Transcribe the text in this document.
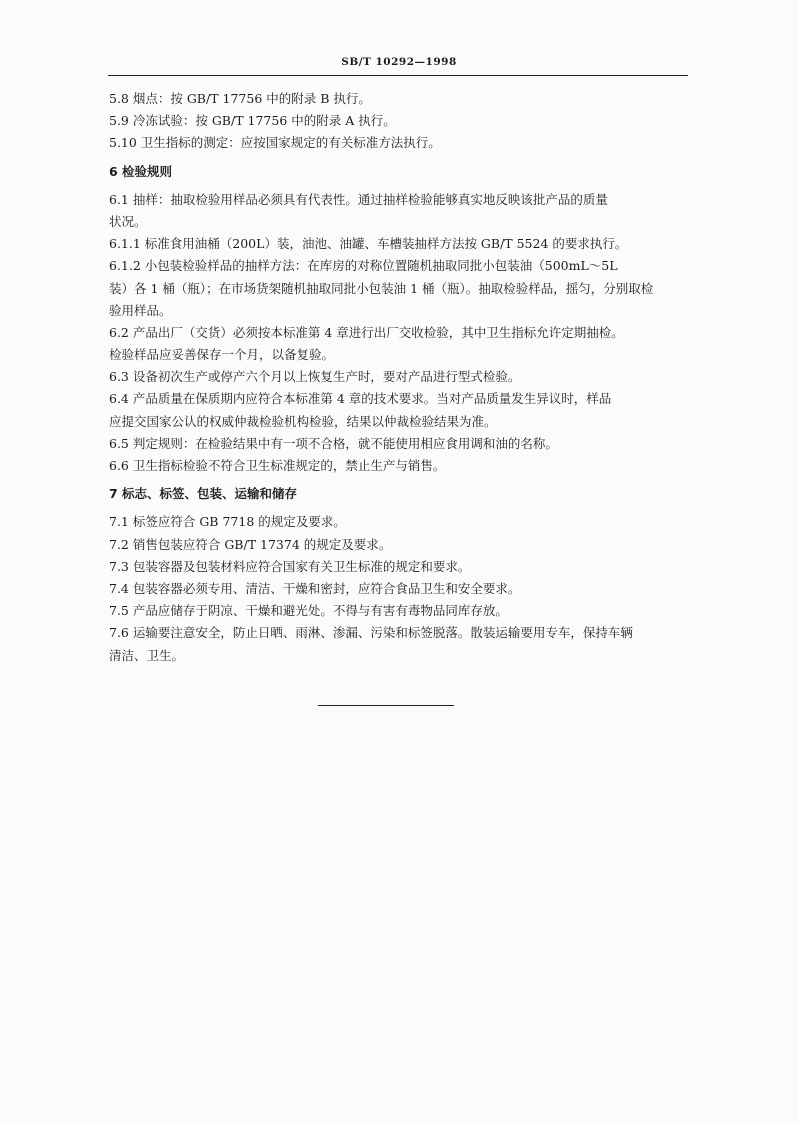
SB/T 10292—1998
5.8 烟点：按 GB/T 17756 中的附录 B 执行。
5.9 冷冻试验：按 GB/T 17756 中的附录 A 执行。
5.10 卫生指标的测定：应按国家规定的有关标准方法执行。
6 检验规则
6.1 抽样：抽取检验用样品必须具有代表性。通过抽样检验能够真实地反映该批产品的质量
状况。
6.1.1 标准食用油桶（200L）装，油池、油罐、车槽装抽样方法按 GB/T 5524 的要求执行。
6.1.2 小包装检验样品的抽样方法：在库房的对称位置随机抽取同批小包装油（500mL～5L
装）各 1 桶（瓶）；在市场货架随机抽取同批小包装油 1 桶（瓶）。抽取检验样品，摇匀，分别取检
验用样品。
6.2 产品出厂（交货）必须按本标准第 4 章进行出厂交收检验，其中卫生指标允许定期抽检。
检验样品应妥善保存一个月，以备复验。
6.3 设备初次生产或停产六个月以上恢复生产时，要对产品进行型式检验。
6.4 产品质量在保质期内应符合本标准第 4 章的技术要求。当对产品质量发生异议时，样品
应提交国家公认的权威仲裁检验机构检验，结果以仲裁检验结果为准。
6.5 判定规则：在检验结果中有一项不合格，就不能使用相应食用调和油的名称。
6.6 卫生指标检验不符合卫生标准规定的，禁止生产与销售。
7 标志、标签、包装、运输和储存
7.1 标签应符合 GB 7718 的规定及要求。
7.2 销售包装应符合 GB/T 17374 的规定及要求。
7.3 包装容器及包装材料应符合国家有关卫生标准的规定和要求。
7.4 包装容器必须专用、清洁、干燥和密封，应符合食品卫生和安全要求。
7.5 产品应储存于阴凉、干燥和避光处。不得与有害有毒物品同库存放。
7.6 运输要注意安全，防止日晒、雨淋、渗漏、污染和标签脱落。散装运输要用专车，保持车辆
清洁、卫生。
